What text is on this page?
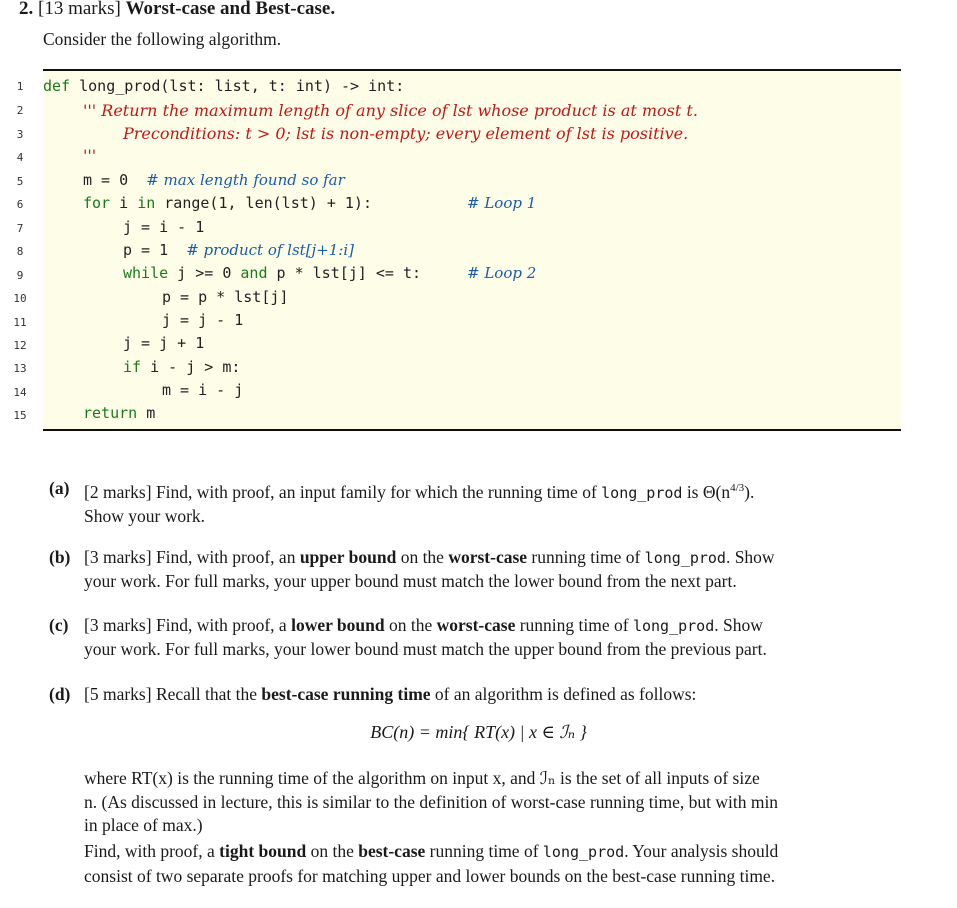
2. [13 marks] Worst-case and Best-case.
Consider the following algorithm.
1
2
3
4
5
6
7
8
9
10
11
12
13
14
15
def long_prod(lst: list, t: int) -> int:
''' Return the maximum length of any slice of lst whose product is at most t.
Preconditions: t > 0; lst is non-empty; every element of lst is positive.
'''
m = 0  # max length found so far
for i in range(1, len(lst) + 1):	# Loop 1
j = i - 1
p = 1  # product of lst[j+1:i]
while j >= 0 and p * lst[j] <= t:	# Loop 2
p = p * lst[j]
j = j - 1
j = j + 1
if i - j > m:
m = i - j
return m
(a) [2 marks] Find, with proof, an input family for which the running time of long_prod is $\Theta(n^{4/3})$.
Show your work.
(b) [3 marks] Find, with proof, an upper bound on the worst-case running time of long_prod. Show
your work. For full marks, your upper bound must match the lower bound from the next part.
(c) [3 marks] Find, with proof, a lower bound on the worst-case running time of long_prod. Show
your work. For full marks, your lower bound must match the upper bound from the previous part.
(d) [5 marks] Recall that the best-case running time of an algorithm is defined as follows:
BC(n) = min{ RT(x) | x ∈ ℐₙ }
where RT(x) is the running time of the algorithm on input x, and ℐₙ is the set of all inputs of size
n. (As discussed in lecture, this is similar to the definition of worst-case running time, but with min
in place of max.)
Find, with proof, a tight bound on the best-case running time of long_prod. Your analysis should
consist of two separate proofs for matching upper and lower bounds on the best-case running time.
